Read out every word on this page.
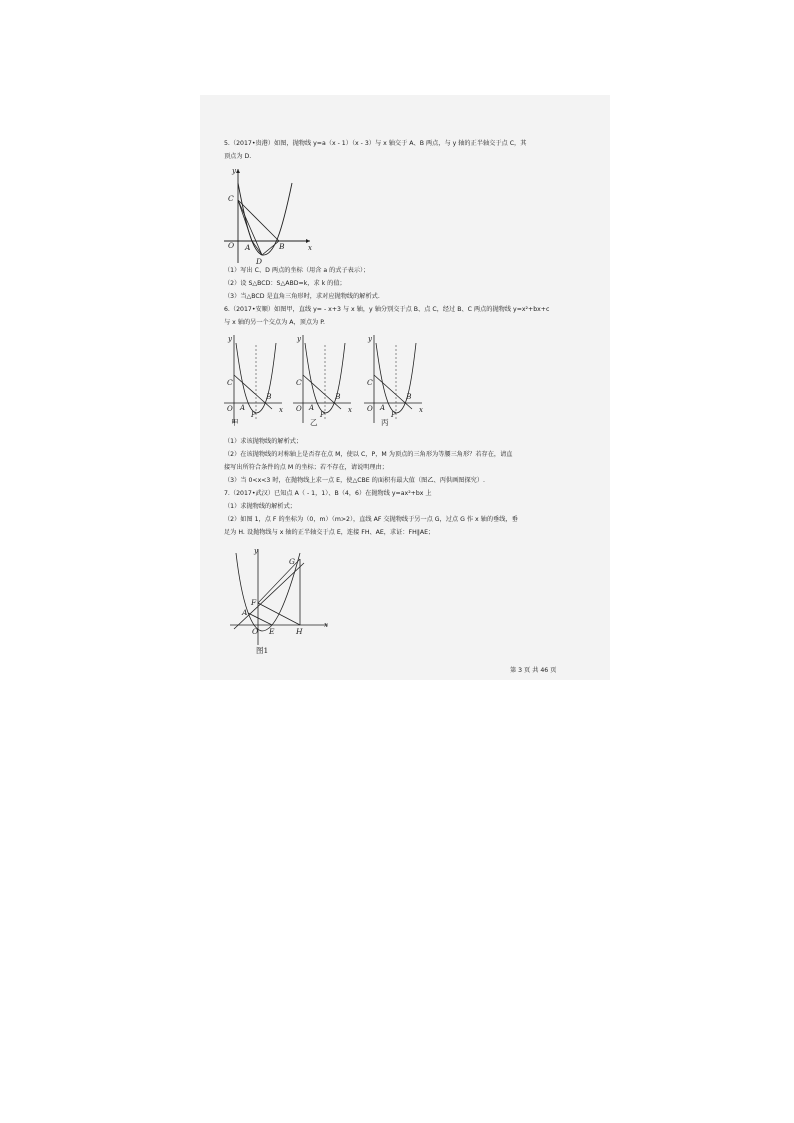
5.（2017•贵港）如图，抛物线 y=a（x - 1）（x - 3）与 x 轴交于 A、B 两点，与 y 轴的正半轴交于点 C，其
顶点为 D.
y
x
C
O A	B
D
（1）写出 C、D 两点的坐标（用含 a 的式子表示）；
（2）设 S△BCD：S△ABD=k，求 k 的值；
（3）当△BCD 是直角三角形时，求对应抛物线的解析式.
6.（2017•安顺）如图甲，直线 y= - x+3 与 x 轴，y 轴分别交于点 B、点 C，经过 B、C 两点的抛物线 y=x²+bx+c
与 x 轴的另一个交点为 A，顶点为 P.
y
x
C
O A
B
P
甲
y
x
C
O A
B
P
乙
y
x
C
O A
B
P
丙
（1）求该抛物线的解析式；
（2）在该抛物线的对称轴上是否存在点 M，使以 C，P，M 为顶点的三角形为等腰三角形？若存在，请直
接写出所符合条件的点 M 的坐标；若不存在，请说明理由；
（3）当 0<x<3 时，在抛物线上求一点 E，使△CBE 的面积有最大值（图乙、丙供画图探究）.
7.（2017•武汉）已知点 A（ - 1，1）、B（4，6）在抛物线 y=ax²+bx 上
（1）求抛物线的解析式；
（2）如图 1，点 F 的坐标为（0，m）（m>2），直线 AF 交抛物线于另一点 G，过点 G 作 x 轴的垂线，垂
足为 H. 设抛物线与 x 轴的正半轴交于点 E，连接 FH、AE，求证：FH∥AE；
y
x
G
F
A
O E	H
图1
第 3 页 共 46 页
